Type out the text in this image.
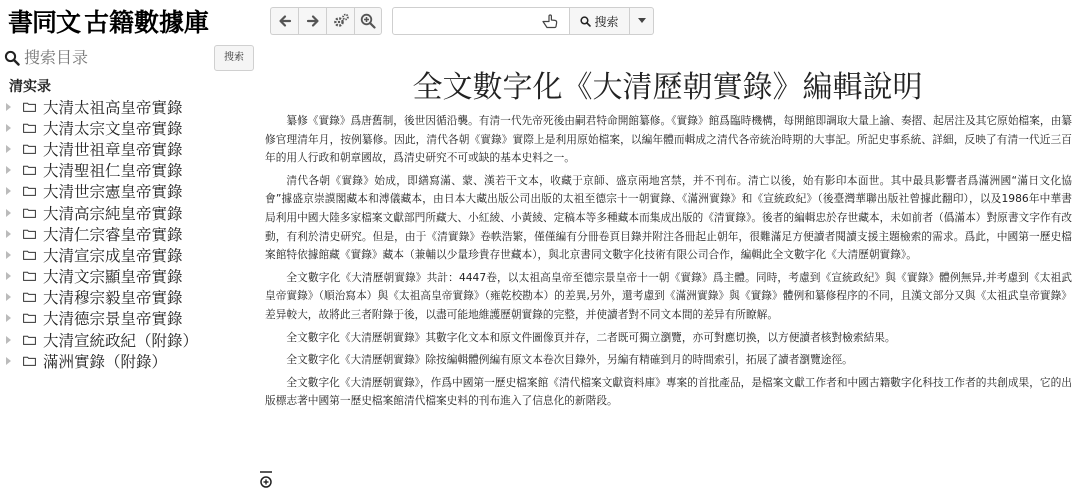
書同文 古籍數據庫
搜索目录
搜索
清实录
大清太祖高皇帝實錄
大清太宗文皇帝實錄
大清世祖章皇帝實錄
大清聖祖仁皇帝實錄
大清世宗憲皇帝實錄
大清高宗純皇帝實錄
大清仁宗睿皇帝實錄
大清宣宗成皇帝實錄
大清文宗顯皇帝實錄
大清穆宗毅皇帝實錄
大清德宗景皇帝實錄
大清宣統政紀（附錄）
滿洲實錄（附錄）
搜索
全文數字化《大清歷朝實錄》編輯說明

纂修《實錄》爲唐舊制，後世因循沿襲。有清一代先帝死後由嗣君特命開館纂修。《實錄》館爲臨時機構，每開館即調取大量上諭、奏摺、起居注及其它原始檔案，由纂修官理清年月，按例纂修。因此，清代各朝《實錄》實際上是利用原始檔案，以編年體而輯成之清代各帝統治時期的大事記。所記史事系統、詳細，反映了有清一代近三百年的用人行政和朝章國故，爲清史研究不可或缺的基本史料之一。

清代各朝《實錄》始成，即繕寫滿、蒙、漢若干文本，收藏于京師、盛京兩地宮禁，并不刊布。清亡以後，始有影印本面世。其中最具影響者爲滿洲國“滿日文化協會”據盛京崇謨閣藏本和溥儀藏本，由日本大藏出版公司出版的太祖至德宗十一朝實錄、《滿洲實錄》和《宣統政紀》（後臺灣華聯出版社曾據此翻印），以及1986年中華書局利用中國大陸多家檔案文獻部門所藏大、小紅綾、小黃綾、定稿本等多種藏本而集成出版的《清實錄》。後者的編輯忠於存世藏本，未如前者（僞滿本）對原書文字作有改動，有利於清史研究。但是，由于《清實錄》卷帙浩繁，僅僅編有分冊卷頁目錄并附注各冊起止朝年，很難滿足方便讀者閱讀支援主題檢索的需求。爲此，中國第一歷史檔案館特依據館藏《實錄》藏本（兼輔以少量珍貴存世藏本），與北京書同文數字化技術有限公司合作，編輯此全文數字化《大清歷朝實錄》。

全文數字化《大清歷朝實錄》共計：4447卷，以太祖高皇帝至德宗景皇帝十一朝《實錄》爲主體。同時，考慮到《宣統政紀》與《實錄》體例無异,并考慮到《太祖武皇帝實錄》（順治寫本）與《太祖高皇帝實錄》（雍乾校勘本）的差異,另外，還考慮到《滿洲實錄》與《實錄》體例和纂修程序的不同，且漢文部分又與《太祖武皇帝實錄》差异較大，故將此三者附錄于後，以盡可能地維護歷朝實錄的完整，并使讀者對不同文本間的差异有所瞭解。

全文數字化《大清歷朝實錄》其數字化文本和原文件圖像頁并存，二者既可獨立瀏覽，亦可對應切換，以方便讀者核對檢索結果。

全文數字化《大清歷朝實錄》除按編輯體例編有原文本卷次目錄外，另編有精確到月的時間索引，拓展了讀者瀏覽途徑。

全文數字化《大清歷朝實錄》，作爲中國第一歷史檔案館《清代檔案文獻資料庫》專案的首批產品，是檔案文獻工作者和中國古籍數字化科技工作者的共創成果，它的出版標志著中國第一歷史檔案館清代檔案史料的刊布進入了信息化的新階段。
